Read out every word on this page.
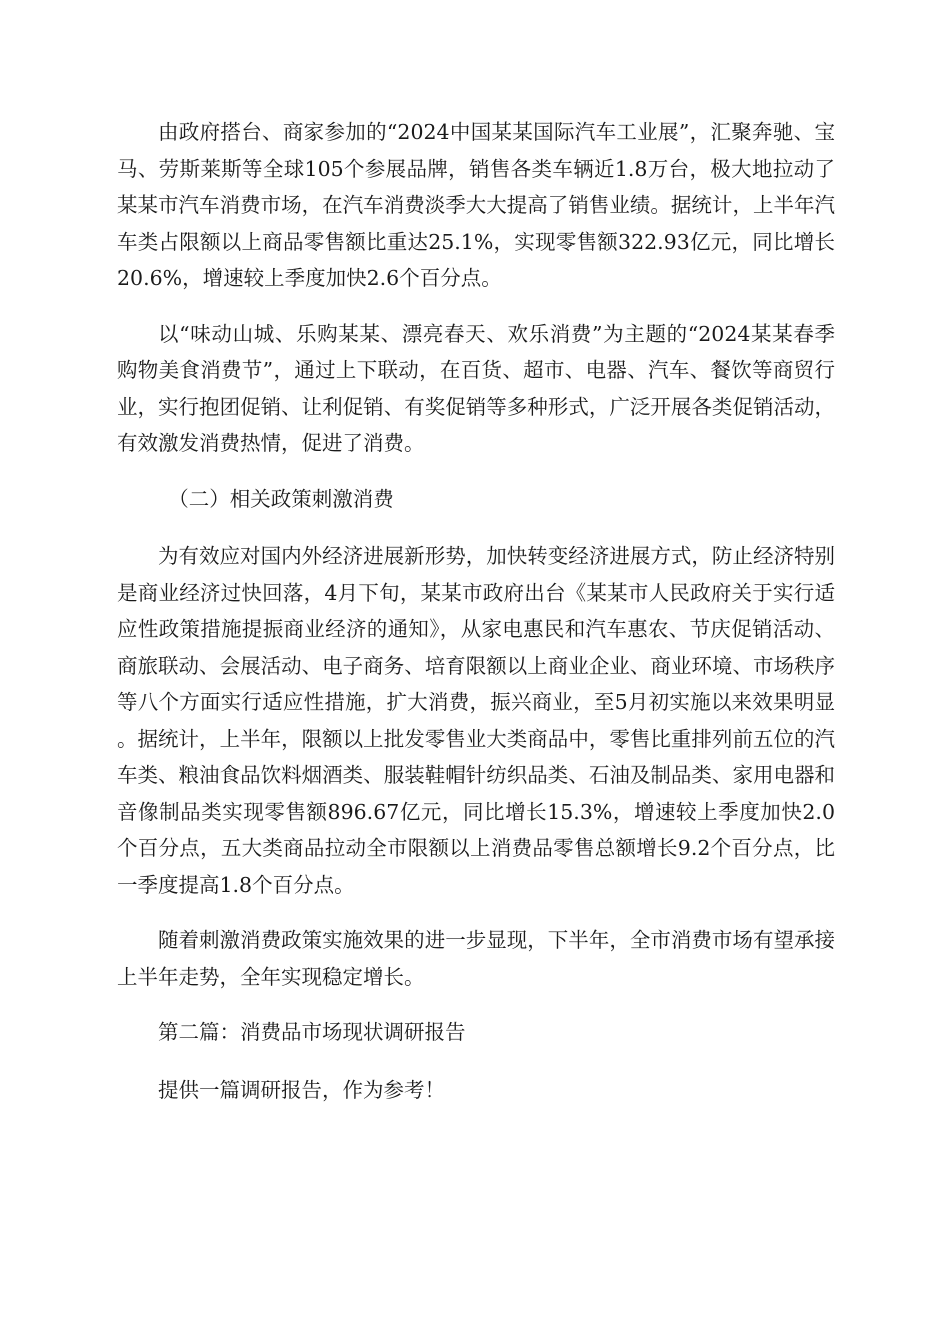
由政府搭台、商家参加的“2024中国某某国际汽车工业展”，汇聚奔驰、宝马、劳斯莱斯等全球105个参展品牌，销售各类车辆近1.8万台，极大地拉动了某某市汽车消费市场，在汽车消费淡季大大提高了销售业绩。据统计，上半年汽车类占限额以上商品零售额比重达25.1%，实现零售额322.93亿元，同比增长20.6%，增速较上季度加快2.6个百分点。

以“味动山城、乐购某某、漂亮春天、欢乐消费”为主题的“2024某某春季购物美食消费节”，通过上下联动，在百货、超市、电器、汽车、餐饮等商贸行业，实行抱团促销、让利促销、有奖促销等多种形式，广泛开展各类促销活动，有效激发消费热情，促进了消费。

（二）相关政策刺激消费

为有效应对国内外经济进展新形势，加快转变经济进展方式，防止经济特别是商业经济过快回落，4月下旬，某某市政府出台《某某市人民政府关于实行适应性政策措施提振商业经济的通知》，从家电惠民和汽车惠农、节庆促销活动、商旅联动、会展活动、电子商务、培育限额以上商业企业、商业环境、市场秩序等八个方面实行适应性措施，扩大消费，振兴商业，至5月初实施以来效果明显。据统计，上半年，限额以上批发零售业大类商品中，零售比重排列前五位的汽车类、粮油食品饮料烟酒类、服装鞋帽针纺织品类、石油及制品类、家用电器和音像制品类实现零售额896.67亿元，同比增长15.3%，增速较上季度加快2.0个百分点，五大类商品拉动全市限额以上消费品零售总额增长9.2个百分点，比一季度提高1.8个百分点。

随着刺激消费政策实施效果的进一步显现，下半年，全市消费市场有望承接上半年走势，全年实现稳定增长。

第二篇：消费品市场现状调研报告

提供一篇调研报告，作为参考！
